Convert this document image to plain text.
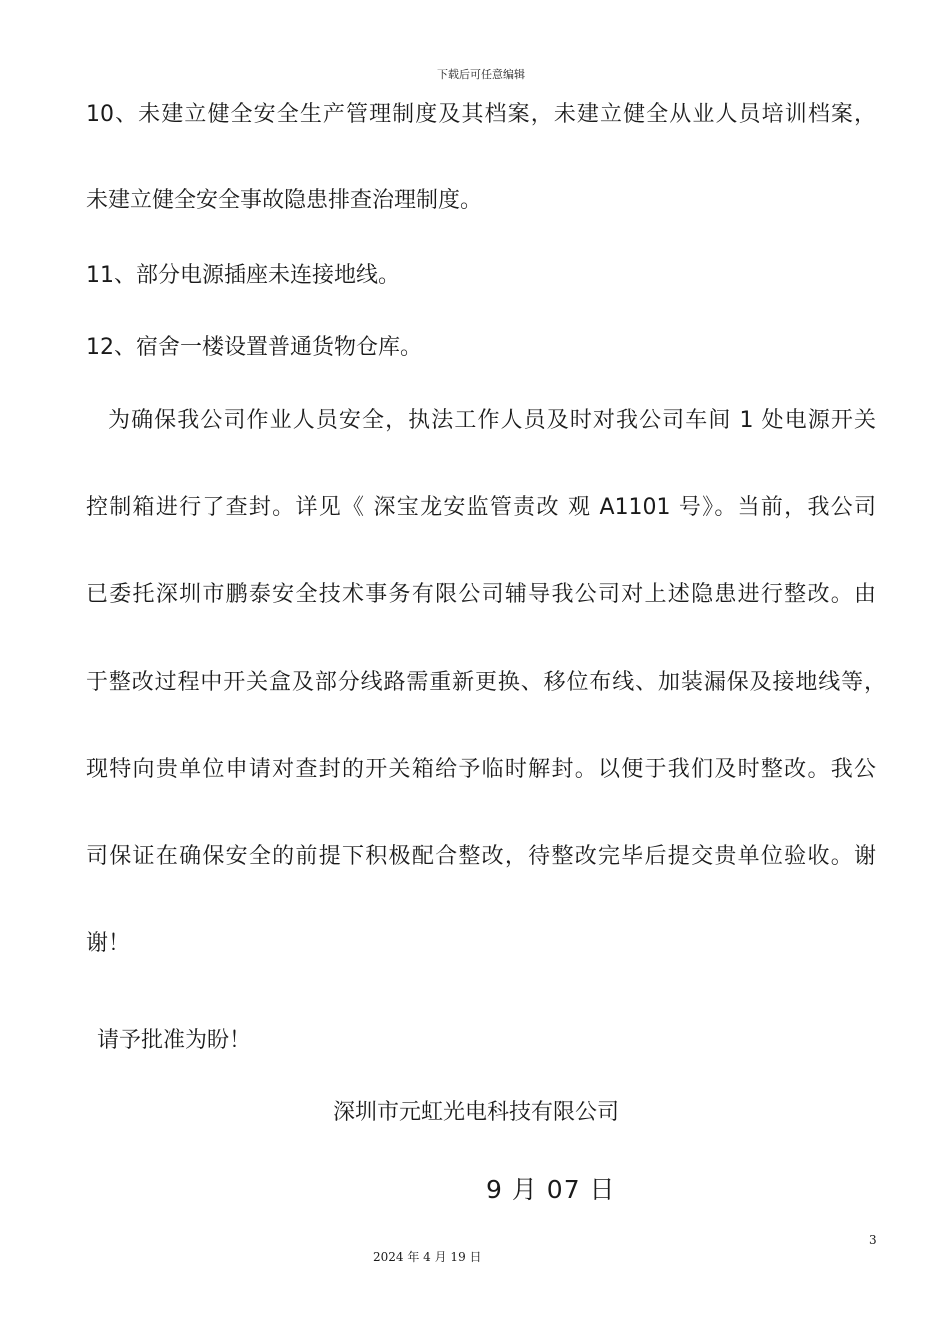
下载后可任意编辑
10、未建立健全安全生产管理制度及其档案，未建立健全从业人员培训档案，
未建立健全安全事故隐患排查治理制度。
11、部分电源插座未连接地线。
12、宿舍一楼设置普通货物仓库。
为确保我公司作业人员安全，执法工作人员及时对我公司车间 1 处电源开关
控制箱进行了查封。详见《 深宝龙安监管责改 观 A1101 号》。当前，我公司
已委托深圳市鹏泰安全技术事务有限公司辅导我公司对上述隐患进行整改。由
于整改过程中开关盒及部分线路需重新更换、移位布线、加装漏保及接地线等，
现特向贵单位申请对查封的开关箱给予临时解封。以便于我们及时整改。我公
司保证在确保安全的前提下积极配合整改，待整改完毕后提交贵单位验收。谢
谢！
请予批准为盼！
深圳市元虹光电科技有限公司
9 月 07 日
3
2024 年 4 月 19 日
